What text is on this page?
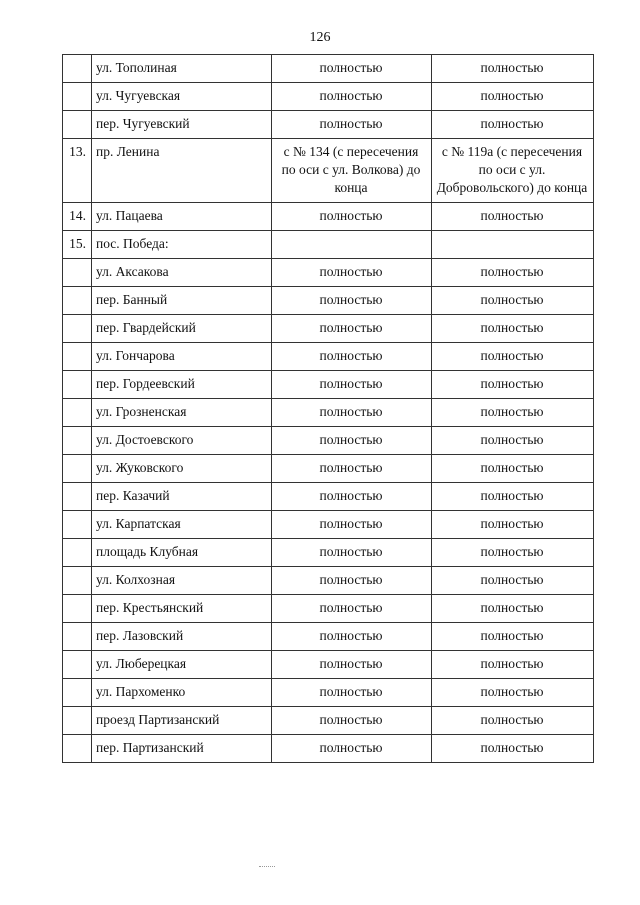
126
	ул. Тополиная	полностью	полностью
	ул. Чугуевская	полностью	полностью
	пер. Чугуевский	полностью	полностью
13.	пр. Ленина	с № 134 (с пересечения по оси с ул. Волкова) до конца	с № 119а (с пересечения по оси с ул. Добровольского) до конца
14.	ул. Пацаева	полностью	полностью
15.	пос. Победа:		
	ул. Аксакова	полностью	полностью
	пер. Банный	полностью	полностью
	пер. Гвардейский	полностью	полностью
	ул. Гончарова	полностью	полностью
	пер. Гордеевский	полностью	полностью
	ул. Грозненская	полностью	полностью
	ул. Достоевского	полностью	полностью
	ул. Жуковского	полностью	полностью
	пер. Казачий	полностью	полностью
	ул. Карпатская	полностью	полностью
	площадь Клубная	полностью	полностью
	ул. Колхозная	полностью	полностью
	пер. Крестьянский	полностью	полностью
	пер. Лазовский	полностью	полностью
	ул. Люберецкая	полностью	полностью
	ул. Пархоменко	полностью	полностью
	проезд Партизанский	полностью	полностью
	пер. Партизанский	полностью	полностью
